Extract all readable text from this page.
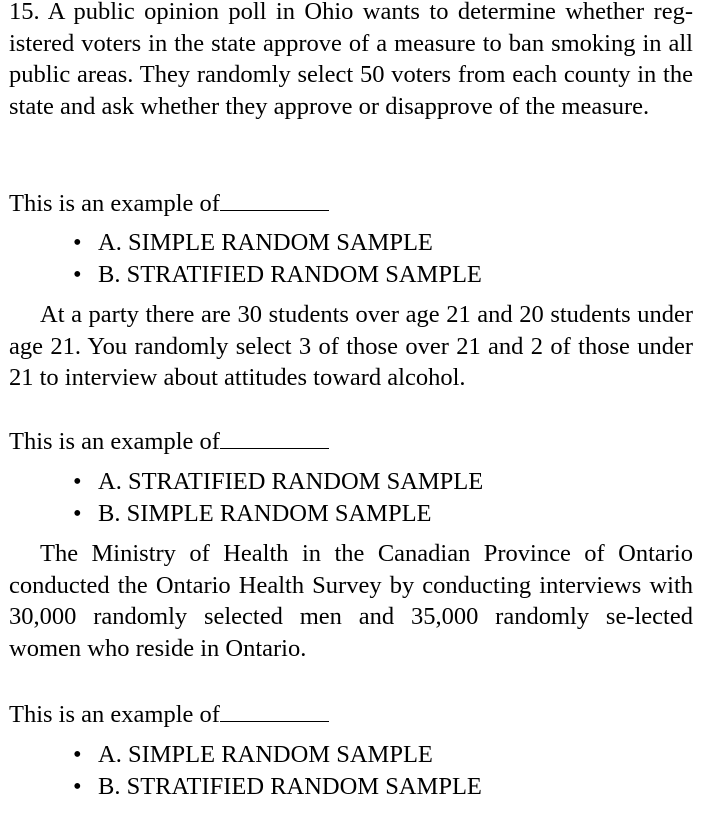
15. A public opinion poll in Ohio wants to determine whether reg-istered voters in the state approve of a measure to ban smoking in all public areas. They randomly select 50 voters from each county in the state and ask whether they approve or disapprove of the measure.

This is an example of

• A. SIMPLE RANDOM SAMPLE
• B. STRATIFIED RANDOM SAMPLE

At a party there are 30 students over age 21 and 20 students under age 21. You randomly select 3 of those over 21 and 2 of those under 21 to interview about attitudes toward alcohol.

This is an example of

• A. STRATIFIED RANDOM SAMPLE
• B. SIMPLE RANDOM SAMPLE

The Ministry of Health in the Canadian Province of Ontario conducted the Ontario Health Survey by conducting interviews with 30,000 randomly selected men and 35,000 randomly se-lected women who reside in Ontario.

This is an example of

• A. SIMPLE RANDOM SAMPLE
• B. STRATIFIED RANDOM SAMPLE
